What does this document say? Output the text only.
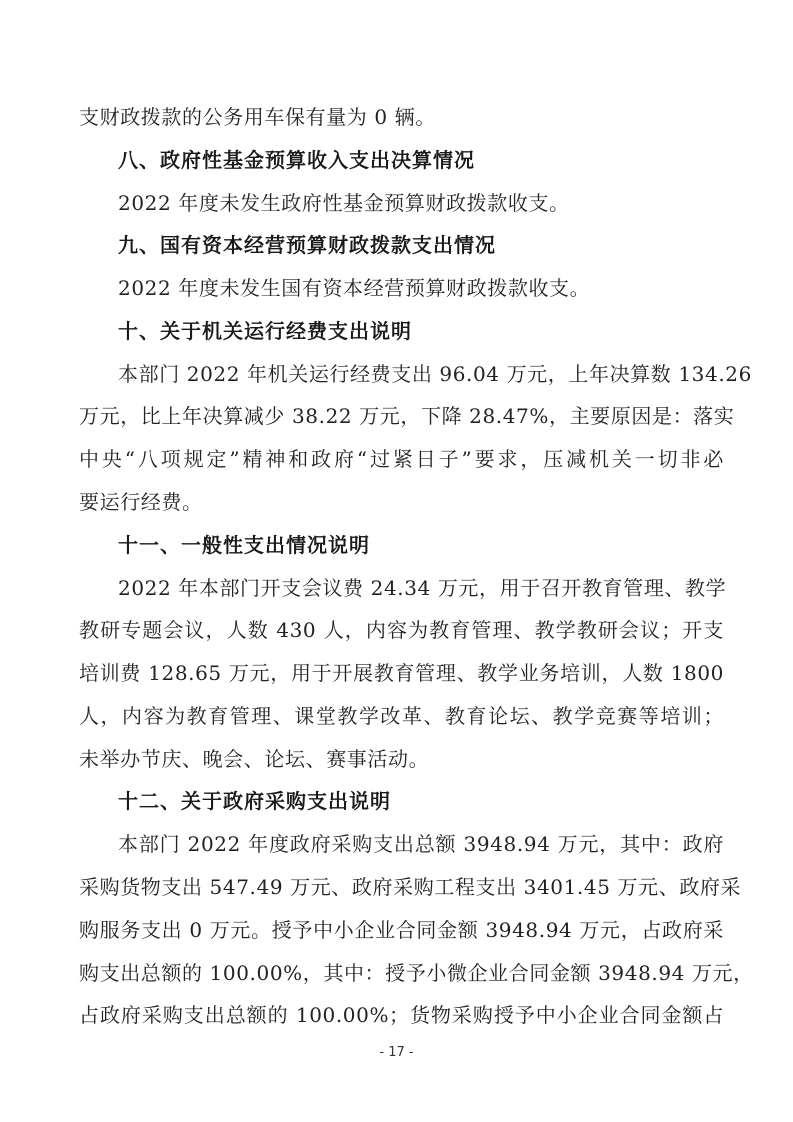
支财政拨款的公务用车保有量为 0 辆。
八、政府性基金预算收入支出决算情况
2022 年度未发生政府性基金预算财政拨款收支。
九、国有资本经营预算财政拨款支出情况
2022 年度未发生国有资本经营预算财政拨款收支。
十、关于机关运行经费支出说明
本部门 2022 年机关运行经费支出 96.04 万元，上年决算数 134.26
万元，比上年决算减少 38.22 万元，下降 28.47%，主要原因是：落实
中央“八项规定”精神和政府“过紧日子”要求，压减机关一切非必
要运行经费。
十一、一般性支出情况说明
2022 年本部门开支会议费 24.34 万元，用于召开教育管理、教学
教研专题会议，人数 430 人，内容为教育管理、教学教研会议；开支
培训费 128.65 万元，用于开展教育管理、教学业务培训，人数 1800
人，内容为教育管理、课堂教学改革、教育论坛、教学竞赛等培训；
未举办节庆、晚会、论坛、赛事活动。
十二、关于政府采购支出说明
本部门 2022 年度政府采购支出总额 3948.94 万元，其中：政府
采购货物支出 547.49 万元、政府采购工程支出 3401.45 万元、政府采
购服务支出 0 万元。授予中小企业合同金额 3948.94 万元，占政府采
购支出总额的 100.00%，其中：授予小微企业合同金额 3948.94 万元，
占政府采购支出总额的 100.00%；货物采购授予中小企业合同金额占
- 17 -
